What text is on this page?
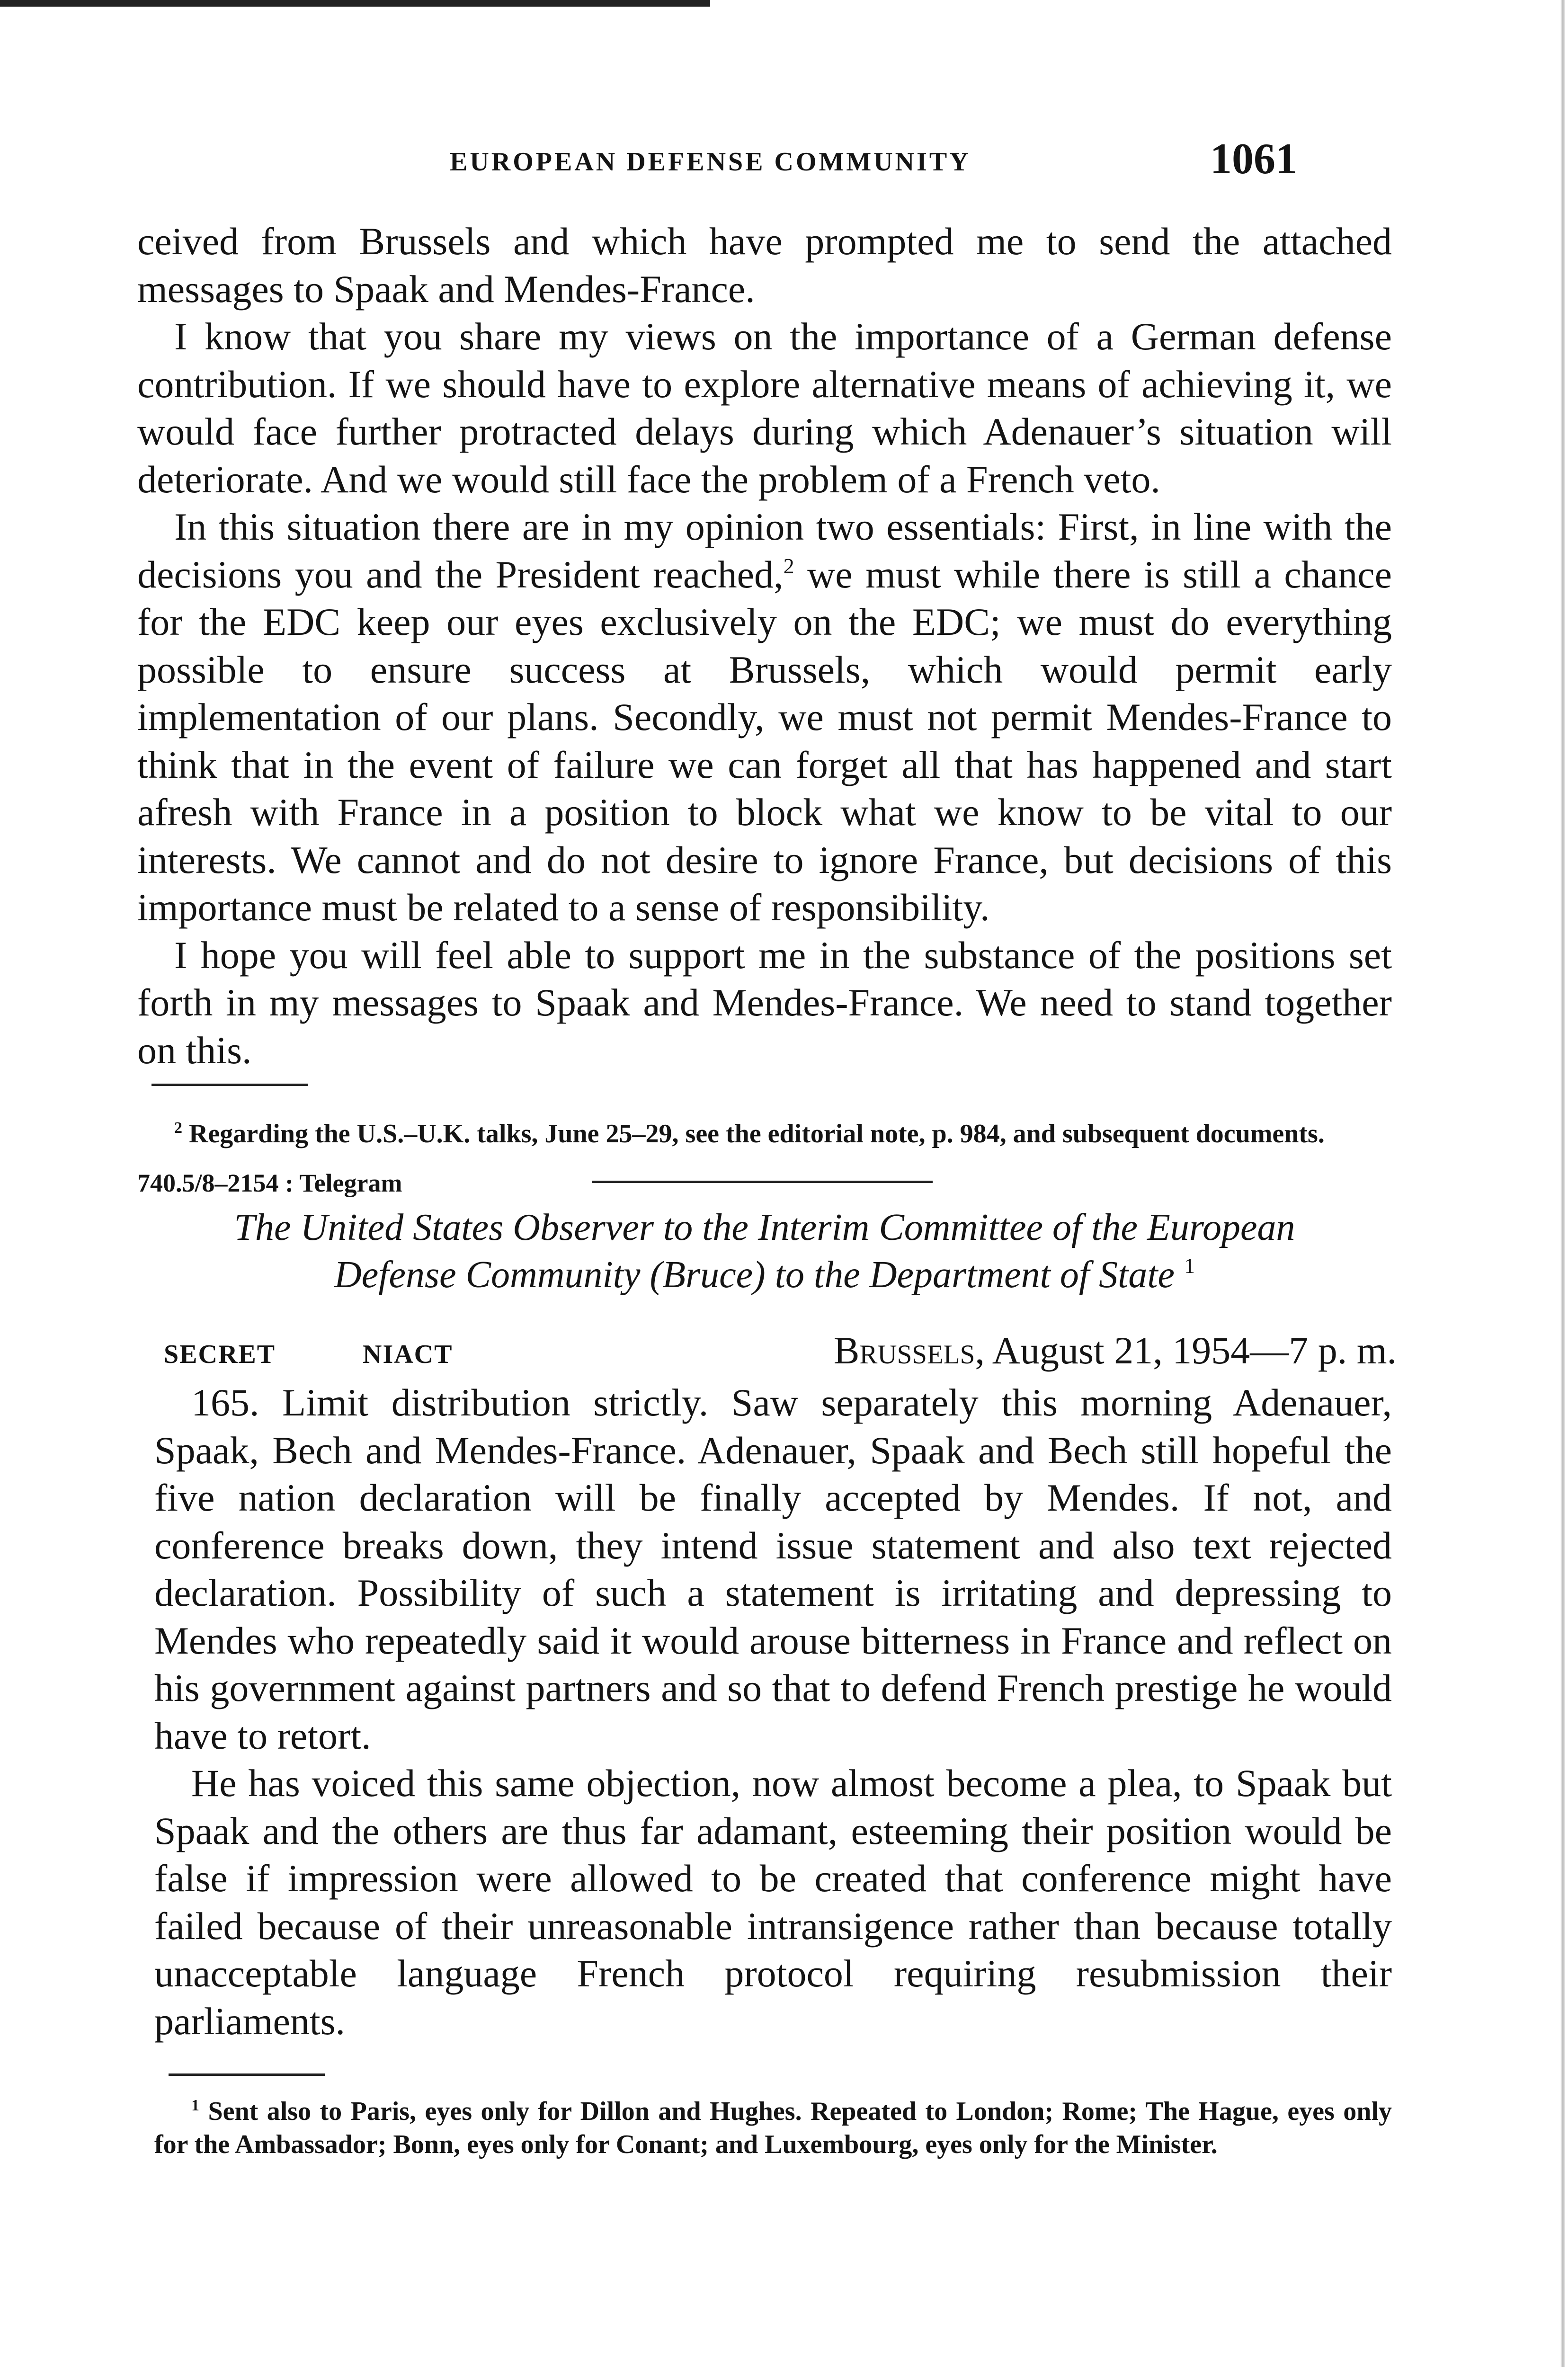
EUROPEAN DEFENSE COMMUNITY	1061

ceived from Brussels and which have prompted me to send the attached messages to Spaak and Mendes-France.

I know that you share my views on the importance of a German defense contribution. If we should have to explore alternative means of achieving it, we would face further protracted delays during which Adenauer’s situation will deteriorate. And we would still face the problem of a French veto.

In this situation there are in my opinion two essentials: First, in line with the decisions you and the President reached,$^2$ we must while there is still a chance for the EDC keep our eyes exclusively on the EDC; we must do everything possible to ensure success at Brussels, which would permit early implementation of our plans. Secondly, we must not permit Mendes-France to think that in the event of failure we can forget all that has happened and start afresh with France in a position to block what we know to be vital to our interests. We cannot and do not desire to ignore France, but decisions of this importance must be related to a sense of responsibility.

I hope you will feel able to support me in the substance of the positions set forth in my messages to Spaak and Mendes-France. We need to stand together on this.

$^2$ Regarding the U.S.–U.K. talks, June 25–29, see the editorial note, p. 984, and subsequent documents.

740.5/8–2154 : Telegram
The United States Observer to the Interim Committee of the European
Defense Community (Bruce) to the Department of State $^1$
SECRET	NIACT	Brussels, August 21, 1954—7 p. m.

165. Limit distribution strictly. Saw separately this morning Adenauer, Spaak, Bech and Mendes-France. Adenauer, Spaak and Bech still hopeful the five nation declaration will be finally accepted by Mendes. If not, and conference breaks down, they intend issue statement and also text rejected declaration. Possibility of such a statement is irritating and depressing to Mendes who repeatedly said it would arouse bitterness in France and reflect on his government against partners and so that to defend French prestige he would have to retort.

He has voiced this same objection, now almost become a plea, to Spaak but Spaak and the others are thus far adamant, esteeming their position would be false if impression were allowed to be created that conference might have failed because of their unreasonable intransigence rather than because totally unacceptable language French protocol requiring resubmission their parliaments.

$^1$ Sent also to Paris, eyes only for Dillon and Hughes. Repeated to London; Rome; The Hague, eyes only for the Ambassador; Bonn, eyes only for Conant; and Luxembourg, eyes only for the Minister.
